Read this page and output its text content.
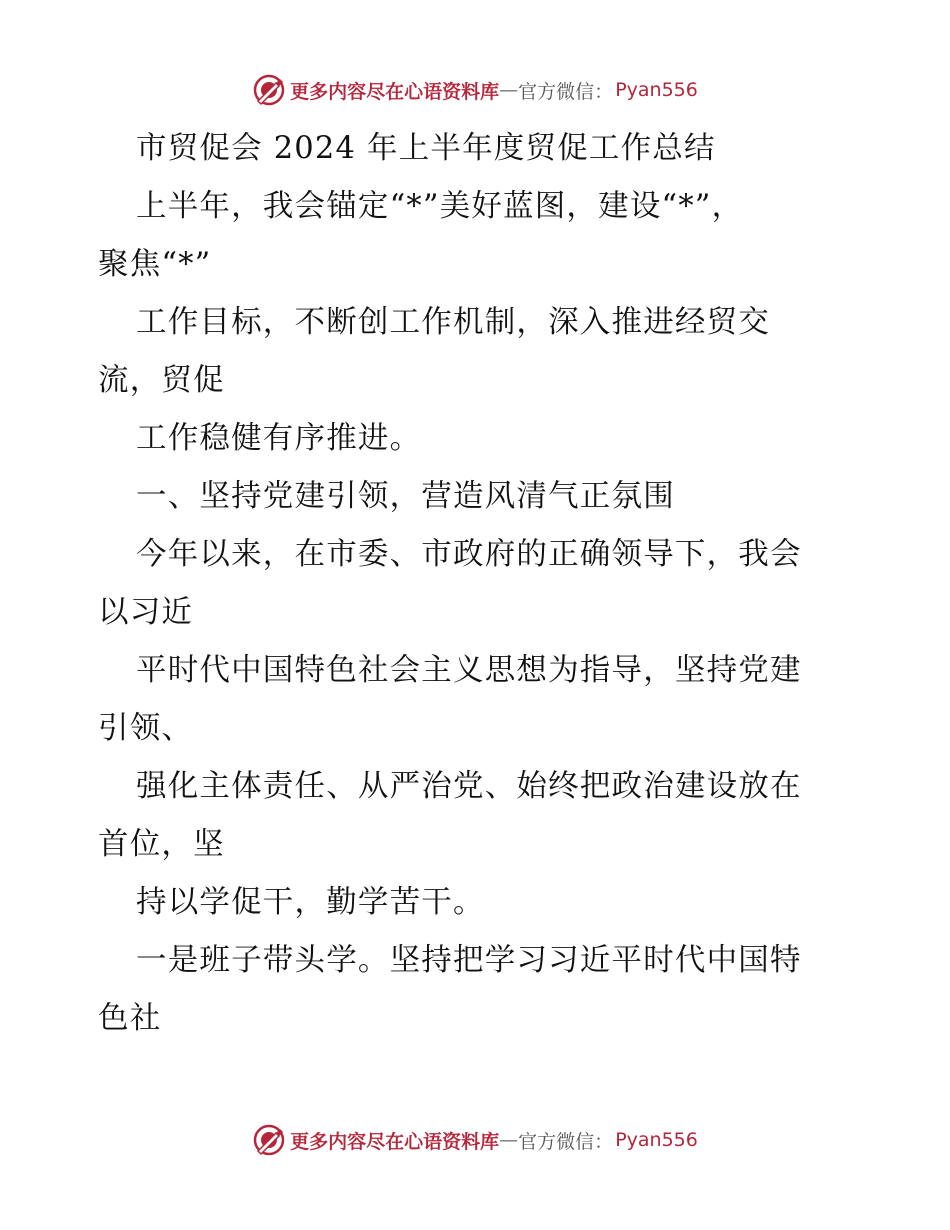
更多内容尽在心语资料库 — 官方微信： Pyan556
市贸促会 2024 年上半年度贸促工作总结
上半年，我会锚定“*”美好蓝图，建设“*”，
聚焦“*”
工作目标，不断创工作机制，深入推进经贸交
流，贸促
工作稳健有序推进。
一、坚持党建引领，营造风清气正氛围
今年以来，在市委、市政府的正确领导下，我会
以习近
平时代中国特色社会主义思想为指导，坚持党建
引领、
强化主体责任、从严治党、始终把政治建设放在
首位，坚
持以学促干，勤学苦干。
一是班子带头学。坚持把学习习近平时代中国特
色社
更多内容尽在心语资料库 — 官方微信： Pyan556
